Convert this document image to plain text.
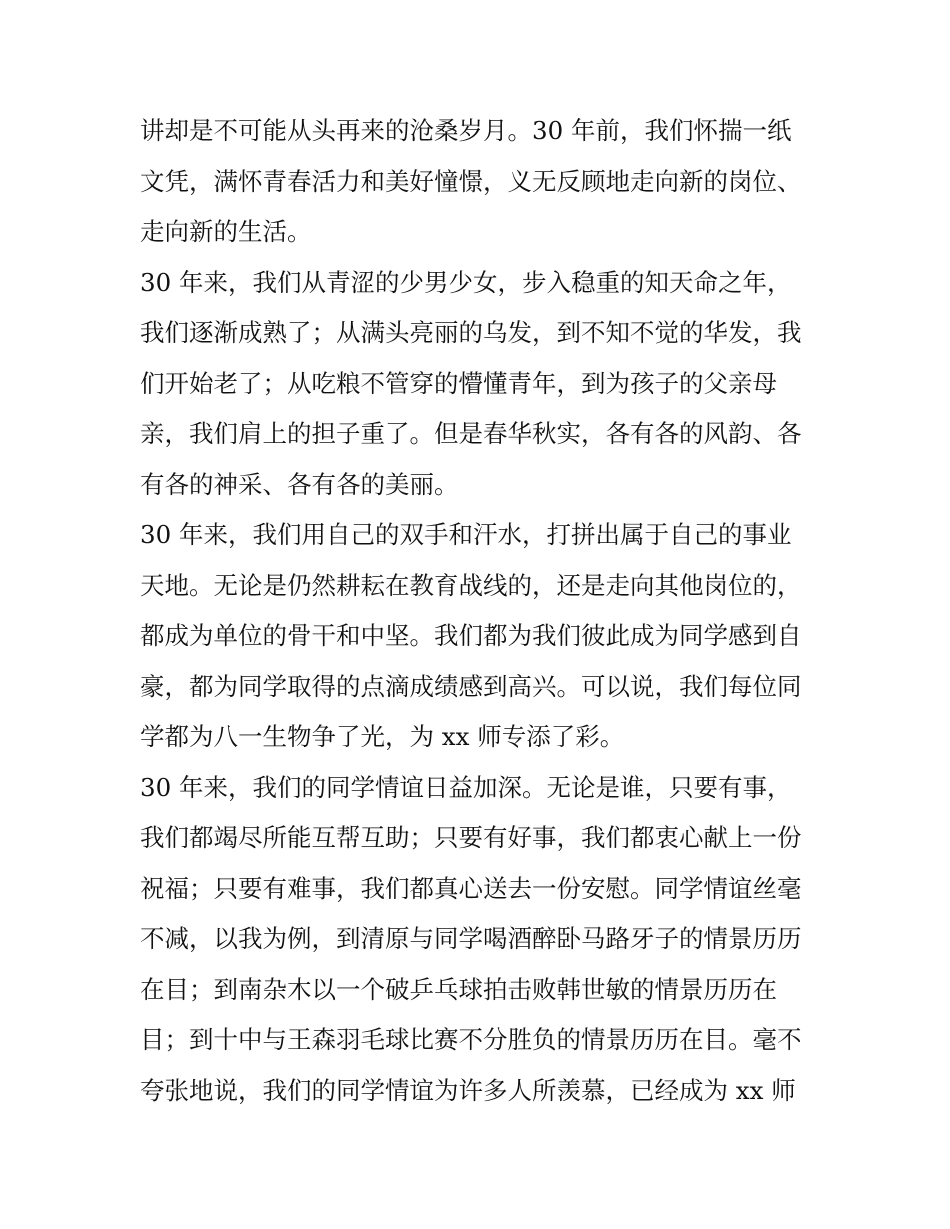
讲却是不可能从头再来的沧桑岁月。30 年前，我们怀揣一纸
文凭，满怀青春活力和美好憧憬，义无反顾地走向新的岗位、
走向新的生活。
30 年来，我们从青涩的少男少女，步入稳重的知天命之年，
我们逐渐成熟了；从满头亮丽的乌发，到不知不觉的华发，我
们开始老了；从吃粮不管穿的懵懂青年，到为孩子的父亲母
亲，我们肩上的担子重了。但是春华秋实，各有各的风韵、各
有各的神采、各有各的美丽。
30 年来，我们用自己的双手和汗水，打拼出属于自己的事业
天地。无论是仍然耕耘在教育战线的，还是走向其他岗位的，
都成为单位的骨干和中坚。我们都为我们彼此成为同学感到自
豪，都为同学取得的点滴成绩感到高兴。可以说，我们每位同
学都为八一生物争了光，为 xx 师专添了彩。
30 年来，我们的同学情谊日益加深。无论是谁，只要有事，
我们都竭尽所能互帮互助；只要有好事，我们都衷心献上一份
祝福；只要有难事，我们都真心送去一份安慰。同学情谊丝毫
不减，以我为例，到清原与同学喝酒醉卧马路牙子的情景历历
在目；到南杂木以一个破乒乓球拍击败韩世敏的情景历历在
目；到十中与王森羽毛球比赛不分胜负的情景历历在目。毫不
夸张地说，我们的同学情谊为许多人所羡慕，已经成为 xx 师
